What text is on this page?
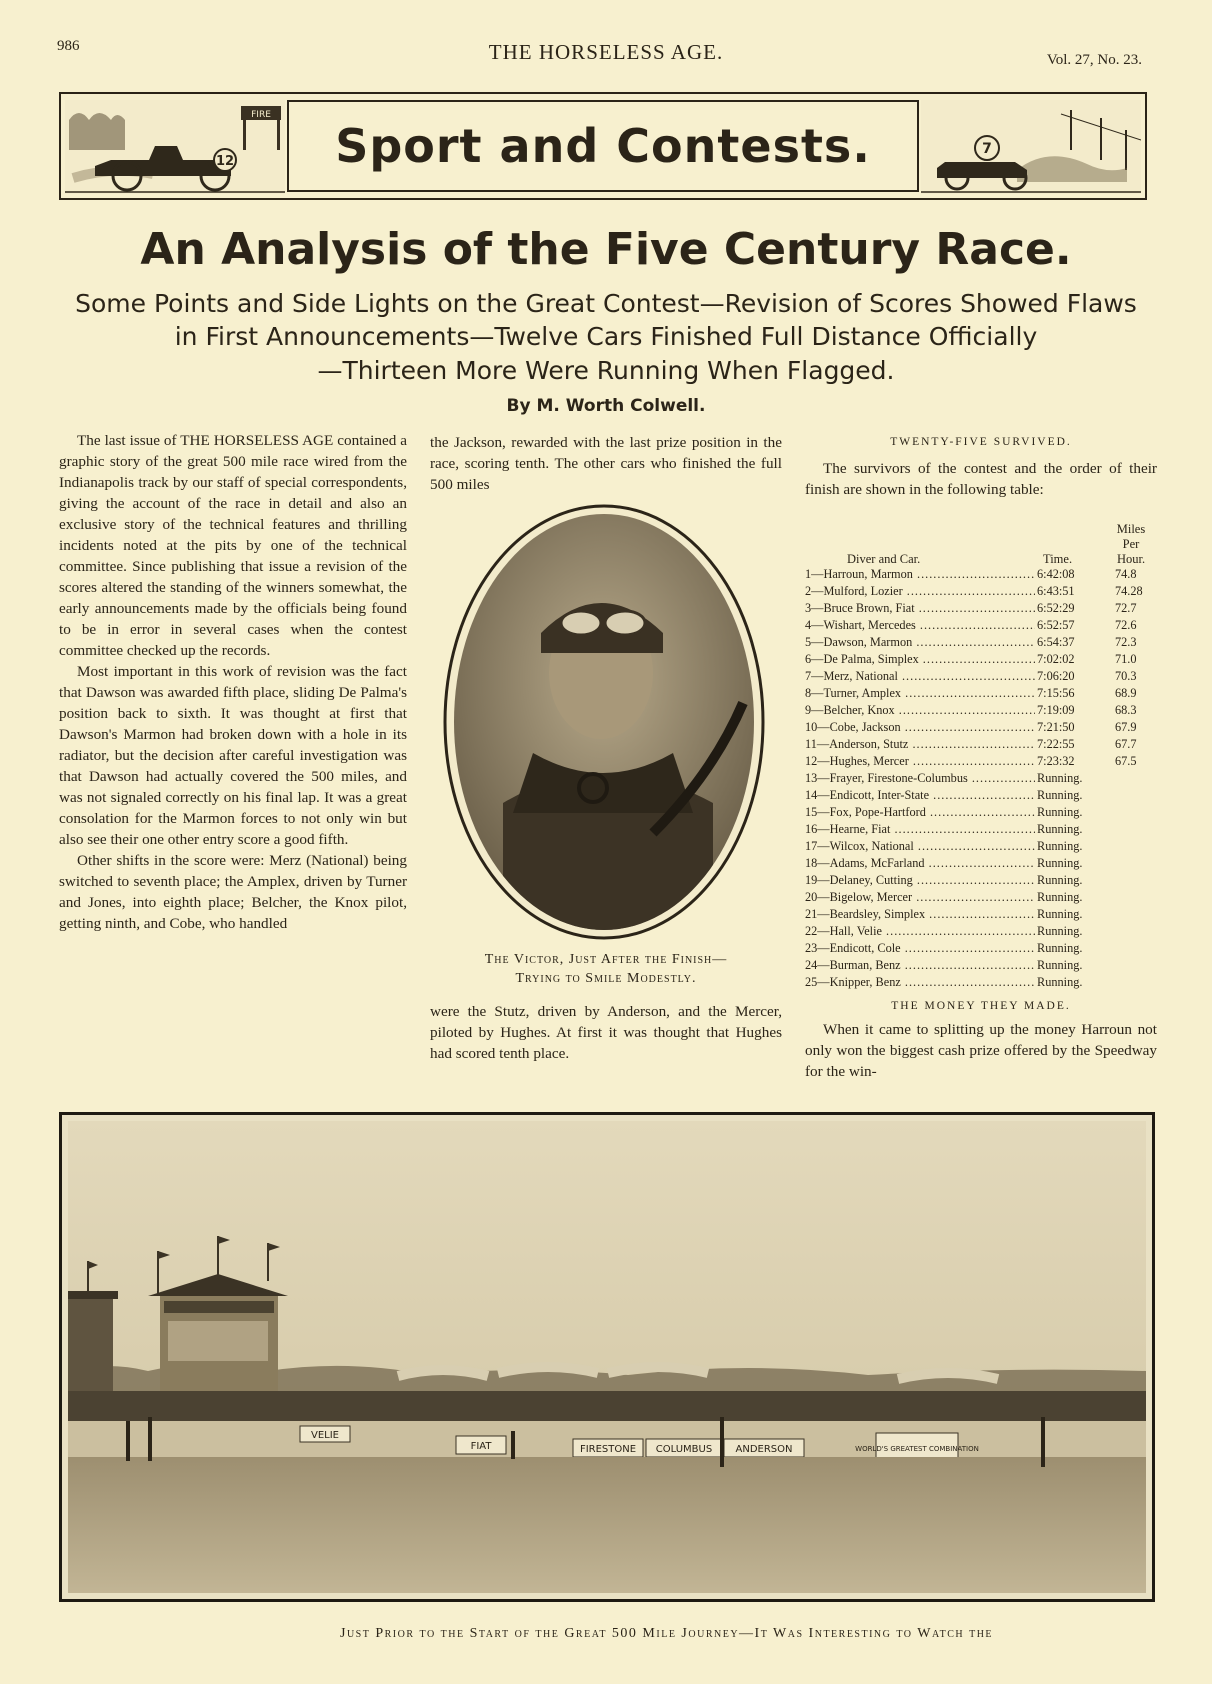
986	THE HORSELESS AGE.	Vol. 27, No. 23.
FIRE
12 Sport and Contests.	7
An Analysis of the Five Century Race.
Some Points and Side Lights on the Great Contest—Revision of Scores Showed Flaws
in First Announcements—Twelve Cars Finished Full Distance Officially
—Thirteen More Were Running When Flagged.
By M. Worth Colwell.

The last issue of THE HORSELESS AGE contained a graphic story of the great 500 mile race wired from the Indianapolis track by our staff of special correspondents, giving the account of the race in detail and also an exclusive story of the technical features and thrilling incidents noted at the pits by one of the technical committee. Since publishing that issue a revision of the scores altered the standing of the winners somewhat, the early announcements made by the officials being found to be in error in several cases when the contest committee checked up the records.

Most important in this work of revision was the fact that Dawson was awarded fifth place, sliding De Palma's position back to sixth. It was thought at first that Dawson's Marmon had broken down with a hole in its radiator, but the decision after careful investigation was that Dawson had actually covered the 500 miles, and was not signaled correctly on his final lap. It was a great consolation for the Marmon forces to not only win but also see their one other entry score a good fifth.

Other shifts in the score were: Merz (National) being switched to seventh place; the Amplex, driven by Turner and Jones, into eighth place; Belcher, the Knox pilot, getting ninth, and Cobe, who handled

the Jackson, rewarded with the last prize position in the race, scoring tenth. The other cars who finished the full 500 miles

The Victor, Just After the Finish—
Trying to Smile Modestly.

were the Stutz, driven by Anderson, and the Mercer, piloted by Hughes. At first it was thought that Hughes had scored tenth place.

TWENTY-FIVE SURVIVED.

The survivors of the contest and the order of their finish are shown in the following table:

Diver and Car.	Time.
Miles
Per
Hour.
1—Harroun, Marmon .....	6:42:08	74.8
2—Mulford, Lozier .....	6:43:51	74.28
3—Bruce Brown, Fiat .....	6:52:29	72.7
4—Wishart, Mercedes .....	6:52:57	72.6
5—Dawson, Marmon .....	6:54:37	72.3
6—De Palma, Simplex .....	7:02:02	71.0
7—Merz, National .....	7:06:20	70.3
8—Turner, Amplex .....	7:15:56	68.9
9—Belcher, Knox .....	7:19:09	68.3
10—Cobe, Jackson .....	7:21:50	67.9
11—Anderson, Stutz .....	7:22:55	67.7
12—Hughes, Mercer .....	7:23:32	67.5
13—Frayer, Firestone-Columbus .....	Running.
14—Endicott, Inter-State .....	Running.
15—Fox, Pope-Hartford .....	Running.
16—Hearne, Fiat .....	Running.
17—Wilcox, National .....	Running.
18—Adams, McFarland .....	Running.
19—Delaney, Cutting .....	Running.
20—Bigelow, Mercer .....	Running.
21—Beardsley, Simplex .....	Running.
22—Hall, Velie .....	Running.
23—Endicott, Cole .....	Running.
24—Burman, Benz .....	Running.
25—Knipper, Benz .....	Running.
THE MONEY THEY MADE.

When it came to splitting up the money Harroun not only won the biggest cash prize offered by the Speedway for the win-

VELIE
FIAT	FIRESTONE COLUMBUS ANDERSON	WORLD'S GREATEST COMBINATION
Just Prior to the Start of the Great 500 Mile Journey—It Was Interesting to Watch the
